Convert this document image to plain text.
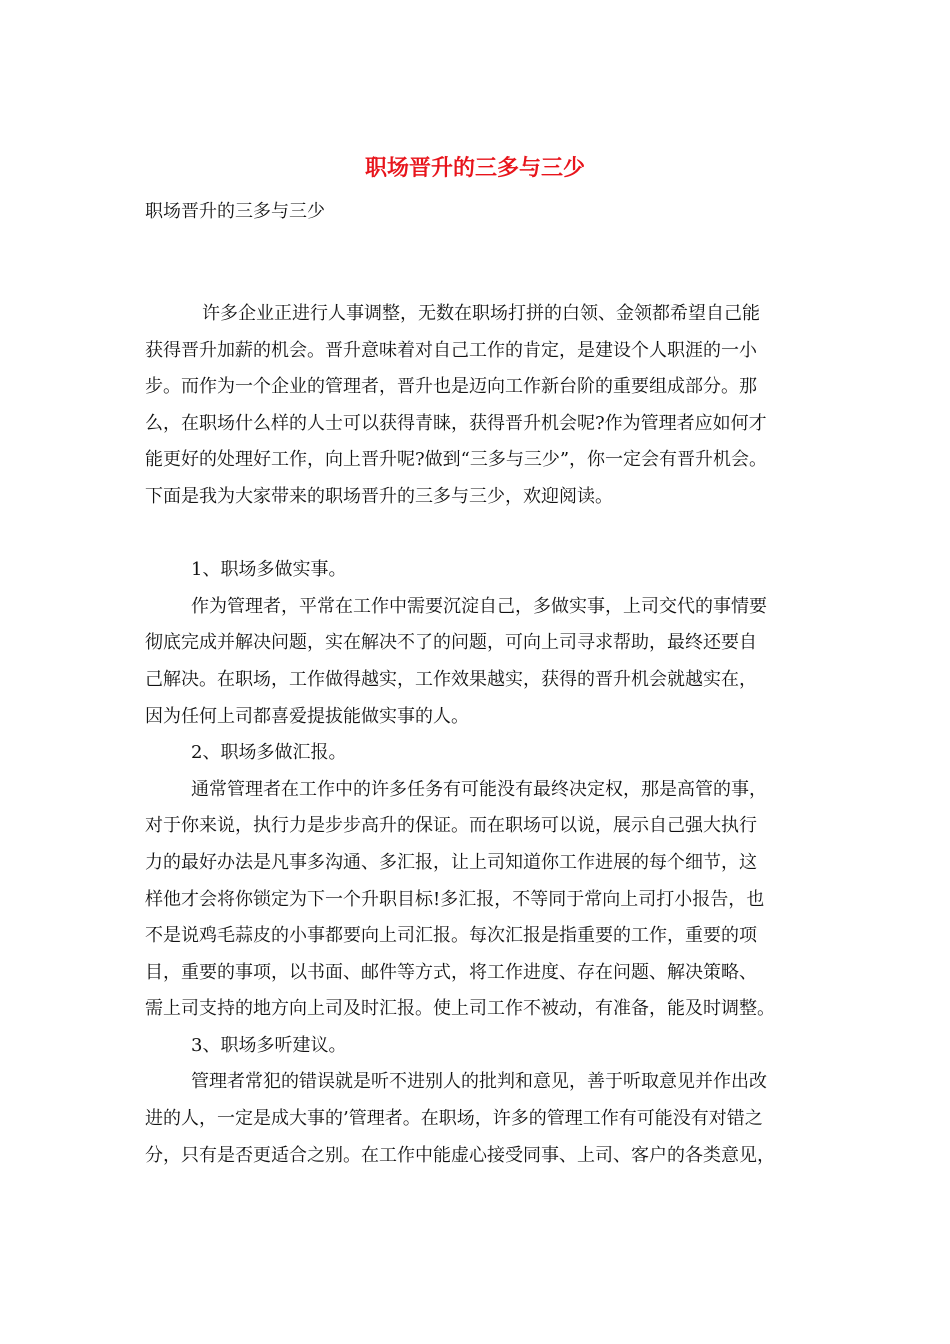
职场晋升的三多与三少
职场晋升的三多与三少
许多企业正进行人事调整，无数在职场打拼的白领、金领都希望自己能
获得晋升加薪的机会。晋升意味着对自己工作的肯定，是建设个人职涯的一小
步。而作为一个企业的管理者，晋升也是迈向工作新台阶的重要组成部分。那
么，在职场什么样的人士可以获得青睐，获得晋升机会呢?作为管理者应如何才
能更好的处理好工作，向上晋升呢?做到“三多与三少”，你一定会有晋升机会。
下面是我为大家带来的职场晋升的三多与三少，欢迎阅读。
1、职场多做实事。
作为管理者，平常在工作中需要沉淀自己，多做实事，上司交代的事情要
彻底完成并解决问题，实在解决不了的问题，可向上司寻求帮助，最终还要自
己解决。在职场，工作做得越实，工作效果越实，获得的晋升机会就越实在，
因为任何上司都喜爱提拔能做实事的人。
2、职场多做汇报。
通常管理者在工作中的许多任务有可能没有最终决定权，那是高管的事，
对于你来说，执行力是步步高升的保证。而在职场可以说，展示自己强大执行
力的最好办法是凡事多沟通、多汇报，让上司知道你工作进展的每个细节，这
样他才会将你锁定为下一个升职目标!多汇报，不等同于常向上司打小报告，也
不是说鸡毛蒜皮的小事都要向上司汇报。每次汇报是指重要的工作，重要的项
目，重要的事项，以书面、邮件等方式，将工作进度、存在问题、解决策略、
需上司支持的地方向上司及时汇报。使上司工作不被动，有准备，能及时调整。
3、职场多听建议。
管理者常犯的错误就是听不进别人的批判和意见，善于听取意见并作出改
进的人，一定是成大事的’管理者。在职场，许多的管理工作有可能没有对错之
分，只有是否更适合之别。在工作中能虚心接受同事、上司、客户的各类意见，
